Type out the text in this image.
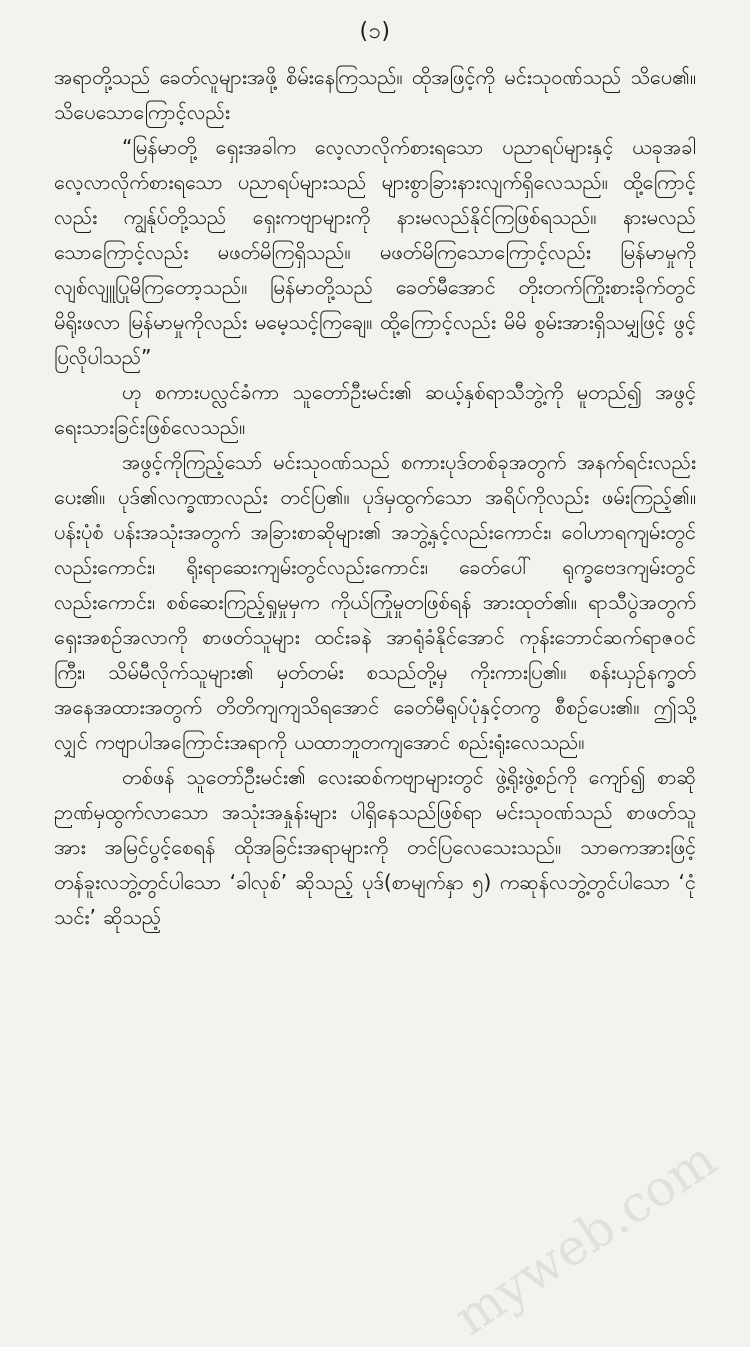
(၁)

အရာတို့သည် ခေတ်လူများအဖို့ စိမ်းနေကြသည်။ ထိုအဖြင့်ကို မင်းသုဝဏ်သည် သိပေ၏။ သိပေသောကြောင့်လည်း

“မြန်မာတို့ ရှေးအခါက လေ့လာလိုက်စားရသော ပညာရပ်များနှင့် ယခုအခါ လေ့လာလိုက်စားရသော ပညာရပ်များသည် များစွာခြားနားလျက်ရှိလေသည်။ ထို့ကြောင့်လည်း ကျွန်ုပ်တို့သည် ရှေးကဗျာများကို နားမလည်နိုင်ကြဖြစ်ရသည်။ နားမလည်သောကြောင့်လည်း မဖတ်မိကြရှိသည်။ မဖတ်မိကြသောကြောင့်လည်း မြန်မာမှုကို လျစ်လျူပြုမိကြတော့သည်။ မြန်မာတို့သည် ခေတ်မီအောင် တိုးတက်ကြိုးစားခိုက်တွင် မိရိုးဖလာ မြန်မာမှုကိုလည်း မမေ့သင့်ကြချေ။ ထို့ကြောင့်လည်း မိမိ စွမ်းအားရှိသမျှဖြင့် ဖွင့်ပြလိုပါသည်”

ဟု စကားပလ္လင်ခံကာ သူတော်ဦးမင်း၏ ဆယ့်နှစ်ရာသီဘွဲ့ကို မူတည်၍ အဖွင့်ရေးသားခြင်းဖြစ်လေသည်။

အဖွင့်ကိုကြည့်သော် မင်းသုဝဏ်သည် စကားပုဒ်တစ်ခုအတွက် အနက်ရင်းလည်း ပေး၏။ ပုဒ်၏လက္ခဏာလည်း တင်ပြ၏။ ပုဒ်မှထွက်သော အရိပ်ကိုလည်း ဖမ်းကြည့်၏။ ပန်းပုံစံ ပန်းအသုံးအတွက် အခြားစာဆိုများ၏ အဘွဲ့နှင့်လည်းကောင်း၊ ဝေါဟာရကျမ်းတွင်လည်းကောင်း၊ ရိုးရာဆေးကျမ်းတွင်လည်းကောင်း၊ ခေတ်ပေါ် ရုက္ခဗေဒကျမ်းတွင်လည်းကောင်း၊ စစ်ဆေးကြည့်ရှုမှုမှက ကိုယ်ကြုံမှုတဖြစ်ရန် အားထုတ်၏။ ရာသီပွဲအတွက် ရှေးအစဉ်အလာကို စာဖတ်သူများ ထင်းခနဲ အာရုံခံနိုင်အောင် ကုန်းဘောင်ဆက်ရာဇဝင်ကြီး၊ သိမ်မီလိုက်သူများ၏ မှတ်တမ်း စသည်တို့မှ ကိုးကားပြ၏။ စန်းယှဉ်နက္ခတ်အနေအထားအတွက် တိတိကျကျသိရအောင် ခေတ်မီရုပ်ပုံနှင့်တကွ စီစဉ်ပေး၏။ ဤသို့လျှင် ကဗျာပါအကြောင်းအရာကို ယထာဘူတကျအောင် စည်းရုံးလေသည်။

တစ်ဖန် သူတော်ဦးမင်း၏ လေးဆစ်ကဗျာများတွင် ဖွဲ့ရိုးဖွဲ့စဉ်ကို ကျော်၍ စာဆိုဉာဏ်မှထွက်လာသော အသုံးအနှုန်းများ ပါရှိနေသည်ဖြစ်ရာ မင်းသုဝဏ်သည် စာဖတ်သူအား အမြင်ပွင့်စေရန် ထိုအခြင်းအရာများကို တင်ပြလေသေးသည်။ သာဓကအားဖြင့် တန်ခူးလဘွဲ့တွင်ပါသော ‘ခါလုစ်’ ဆိုသည့် ပုဒ်(စာမျက်နှာ ၅) ကဆုန်လဘွဲ့တွင်ပါသော ‘ငုံသင်း’ ဆိုသည့်

myweb.com
